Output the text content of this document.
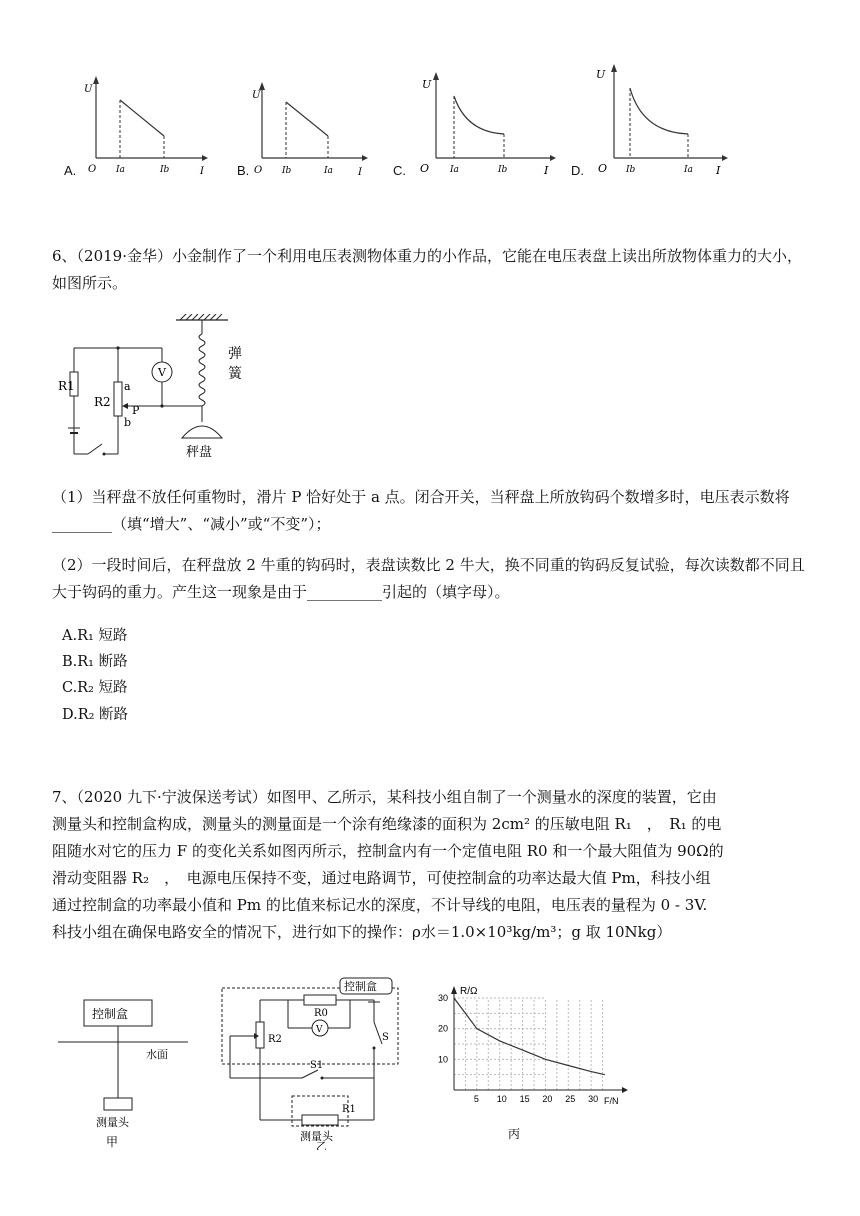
U
O Ia	Ib	I
A.
U
O Ib	Ia	I
B.
U
O Ia	Ib	I
C.
U
O Ib	Ia I
D.
6、（2019·金华）小金制作了一个利用电压表测物体重力的小作品，它能在电压表盘上读出所放物体重力的大小，如图所示。
弹
簧
秤盘
R1
R2
a
b
P
V
（1）当秤盘不放任何重物时，滑片 P 恰好处于 a 点。闭合开关，当秤盘上所放钩码个数增多时，电压表示数将________（填“增大”、“减小”或“不变”）；
（2）一段时间后，在秤盘放 2 牛重的钩码时，表盘读数比 2 牛大，换不同重的钩码反复试验，每次读数都不同且大于钩码的重力。产生这一现象是由于__________引起的（填字母）。
A.R₁ 短路
B.R₁ 断路
C.R₂ 短路
D.R₂ 断路
7、（2020 九下·宁波保送考试）如图甲、乙所示，某科技小组自制了一个测量水的深度的装置，它由
测量头和控制盒构成，测量头的测量面是一个涂有绝缘漆的面积为 2cm² 的压敏电阻 R₁　，　R₁ 的电
阻随水对它的压力 F 的变化关系如图丙所示，控制盒内有一个定值电阻 R0 和一个最大阻值为 90Ω的
滑动变阻器 R₂　，　电源电压保持不变，通过电路调节，可使控制盒的功率达最大值 Pm，科技小组
通过控制盒的功率最小值和 Pm 的比值来标记水的深度，不计导线的电阻，电压表的量程为 0 - 3V.
科技小组在确保电路安全的情况下，进行如下的操作：ρ水＝1.0×10³kg/m³；g 取 10Nkg）
控制盒
水面
测量头
甲
控制盒
R0
V
R2	S
S1
R1
测量头
乙
R/Ω
F/N
5 10 15 20 25 30
10
20
30
丙
